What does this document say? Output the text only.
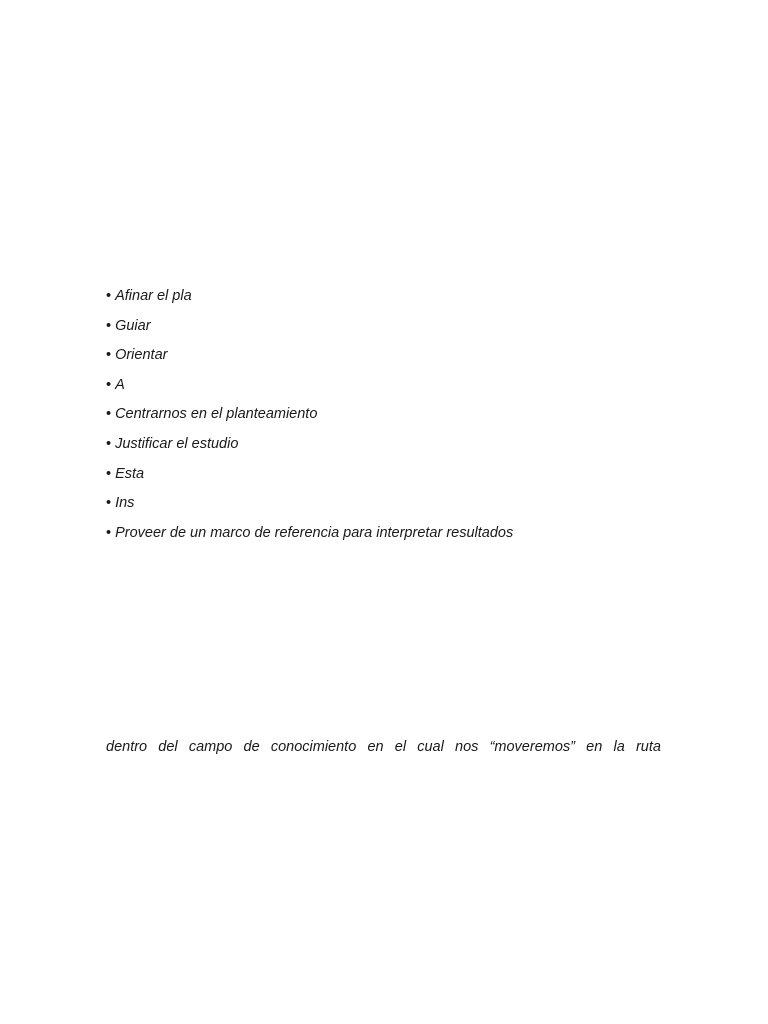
• Afinar el pla
• Guiar
• Orientar
• A
• Centrarnos en el planteamiento
• Justificar el estudio
• Esta
• Ins
• Proveer de un marco de referencia para interpretar resultados
dentro del campo de conocimiento en el cual nos “moveremos” en la ruta
